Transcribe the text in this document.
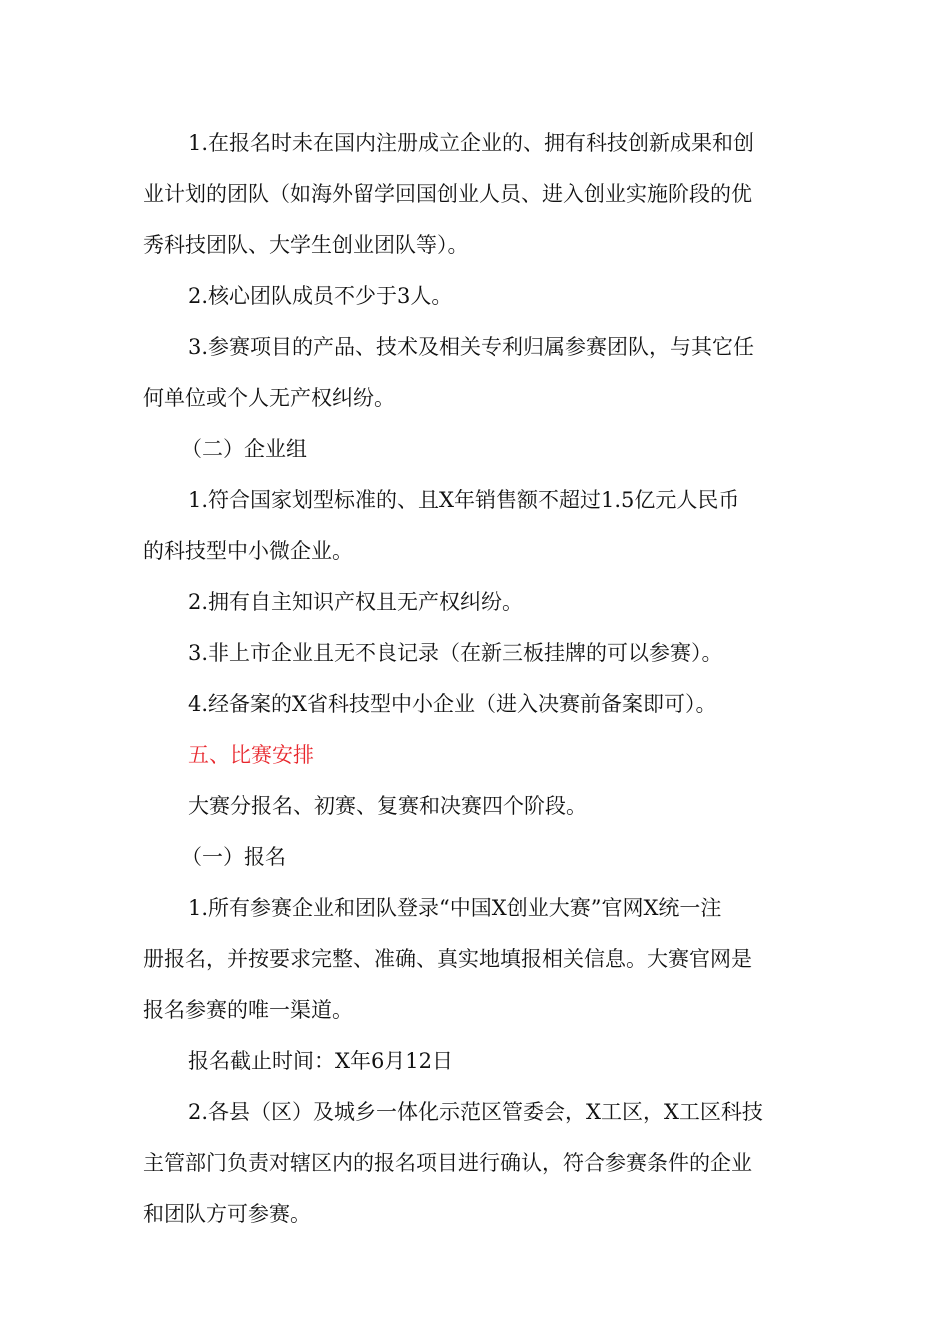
1.在报名时未在国内注册成立企业的、拥有科技创新成果和创

业计划的团队（如海外留学回国创业人员、进入创业实施阶段的优

秀科技团队、大学生创业团队等）。

2.核心团队成员不少于3人。

3.参赛项目的产品、技术及相关专利归属参赛团队，与其它任

何单位或个人无产权纠纷。

（二）企业组

1.符合国家划型标准的、且X年销售额不超过1.5亿元人民币

的科技型中小微企业。

2.拥有自主知识产权且无产权纠纷。

3.非上市企业且无不良记录（在新三板挂牌的可以参赛）。

4.经备案的X省科技型中小企业（进入决赛前备案即可）。

五、比赛安排

大赛分报名、初赛、复赛和决赛四个阶段。

（一）报名

1.所有参赛企业和团队登录“中国X创业大赛”官网X统一注

册报名，并按要求完整、准确、真实地填报相关信息。大赛官网是

报名参赛的唯一渠道。

报名截止时间：X年6月12日

2.各县（区）及城乡一体化示范区管委会，X工区，X工区科技

主管部门负责对辖区内的报名项目进行确认，符合参赛条件的企业

和团队方可参赛。
